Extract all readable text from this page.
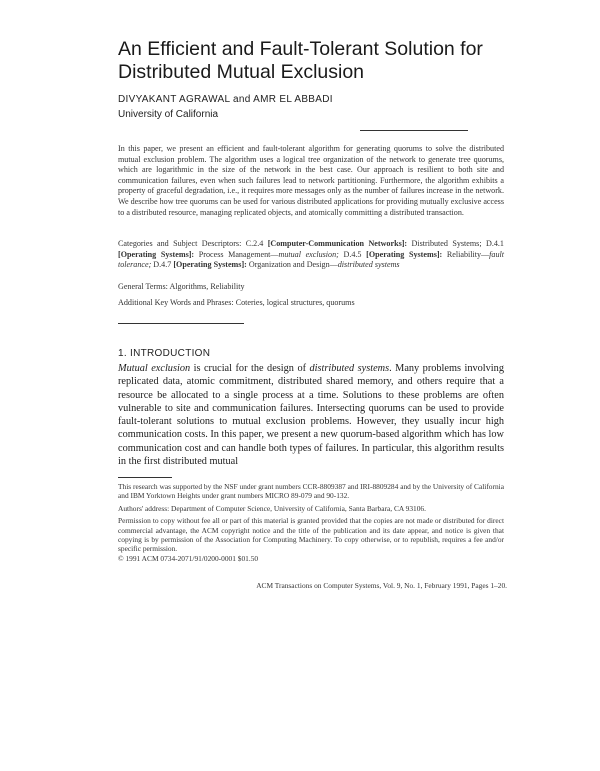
An Efficient and Fault-Tolerant Solution for Distributed Mutual Exclusion
DIVYAKANT AGRAWAL and AMR EL ABBADI
University of California
In this paper, we present an efficient and fault-tolerant algorithm for generating quorums to solve the distributed mutual exclusion problem. The algorithm uses a logical tree organization of the network to generate tree quorums, which are logarithmic in the size of the network in the best case. Our approach is resilient to both site and communication failures, even when such failures lead to network partitioning. Furthermore, the algorithm exhibits a property of graceful degradation, i.e., it requires more messages only as the number of failures increase in the network. We describe how tree quorums can be used for various distributed applications for providing mutually exclusive access to a distributed resource, managing replicated objects, and atomically committing a distributed transaction.
Categories and Subject Descriptors: C.2.4 [Computer-Communication Networks]: Distributed Systems; D.4.1 [Operating Systems]: Process Management—mutual exclusion; D.4.5 [Operating Systems]: Reliability—fault tolerance; D.4.7 [Operating Systems]: Organization and Design—distributed systems
General Terms: Algorithms, Reliability
Additional Key Words and Phrases: Coteries, logical structures, quorums
1. INTRODUCTION
Mutual exclusion is crucial for the design of distributed systems. Many problems involving replicated data, atomic commitment, distributed shared memory, and others require that a resource be allocated to a single process at a time. Solutions to these problems are often vulnerable to site and communication failures. Intersecting quorums can be used to provide fault-tolerant solutions to mutual exclusion problems. However, they usually incur high communication costs. In this paper, we present a new quorum-based algorithm which has low communication cost and can handle both types of failures. In particular, this algorithm results in the first distributed mutual

This research was supported by the NSF under grant numbers CCR-8809387 and IRI-8809284 and by the University of California and IBM Yorktown Heights under grant numbers MICRO 89-079 and 90-132.

Authors' address: Department of Computer Science, University of California, Santa Barbara, CA 93106.

Permission to copy without fee all or part of this material is granted provided that the copies are not made or distributed for direct commercial advantage, the ACM copyright notice and the title of the publication and its date appear, and notice is given that copying is by permission of the Association for Computing Machinery. To copy otherwise, or to republish, requires a fee and/or specific permission.

© 1991 ACM 0734-2071/91/0200-0001 $01.50

ACM Transactions on Computer Systems, Vol. 9, No. 1, February 1991, Pages 1–20.
